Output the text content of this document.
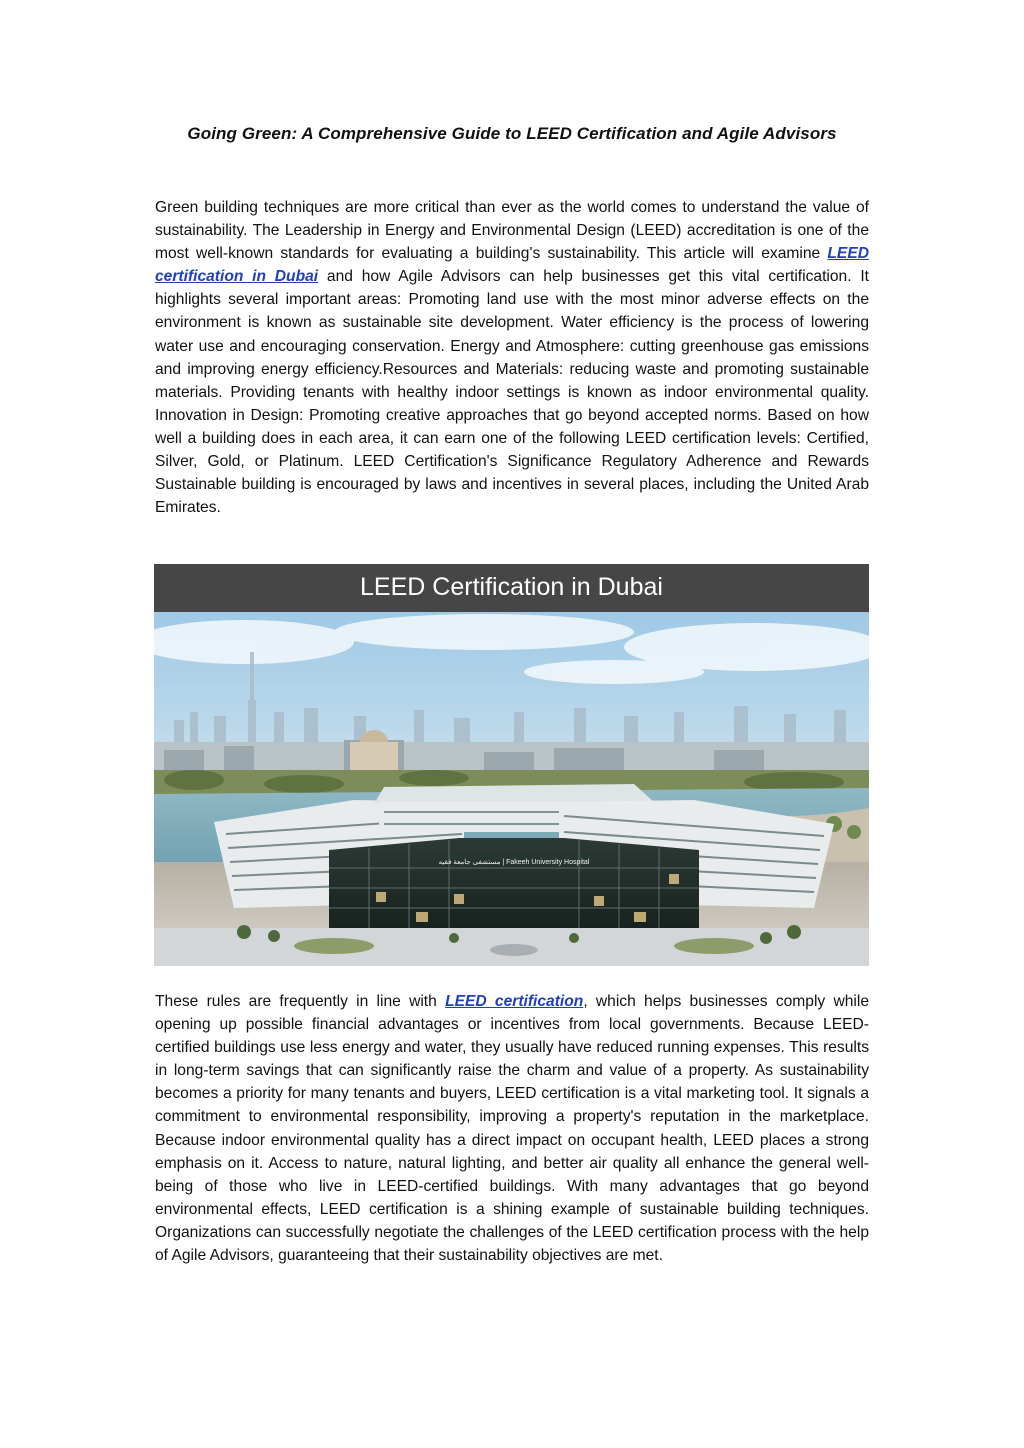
Going Green: A Comprehensive Guide to LEED Certification and Agile Advisors

Green building techniques are more critical than ever as the world comes to understand the value of sustainability. The Leadership in Energy and Environmental Design (LEED) accreditation is one of the most well-known standards for evaluating a building's sustainability. This article will examine LEED certification in Dubai and how Agile Advisors can help businesses get this vital certification. It highlights several important areas: Promoting land use with the most minor adverse effects on the environment is known as sustainable site development. Water efficiency is the process of lowering water use and encouraging conservation. Energy and Atmosphere: cutting greenhouse gas emissions and improving energy efficiency.Resources and Materials: reducing waste and promoting sustainable materials. Providing tenants with healthy indoor settings is known as indoor environmental quality. Innovation in Design: Promoting creative approaches that go beyond accepted norms. Based on how well a building does in each area, it can earn one of the following LEED certification levels: Certified, Silver, Gold, or Platinum. LEED Certification's Significance Regulatory Adherence and Rewards Sustainable building is encouraged by laws and incentives in several places, including the United Arab Emirates.

LEED Certification in Dubai
مستشفى جامعة فقيه | Fakeeh University Hospital

These rules are frequently in line with LEED certification, which helps businesses comply while opening up possible financial advantages or incentives from local governments. Because LEED-certified buildings use less energy and water, they usually have reduced running expenses. This results in long-term savings that can significantly raise the charm and value of a property. As sustainability becomes a priority for many tenants and buyers, LEED certification is a vital marketing tool. It signals a commitment to environmental responsibility, improving a property's reputation in the marketplace. Because indoor environmental quality has a direct impact on occupant health, LEED places a strong emphasis on it. Access to nature, natural lighting, and better air quality all enhance the general well-being of those who live in LEED-certified buildings. With many advantages that go beyond environmental effects, LEED certification is a shining example of sustainable building techniques. Organizations can successfully negotiate the challenges of the LEED certification process with the help of Agile Advisors, guaranteeing that their sustainability objectives are met.
